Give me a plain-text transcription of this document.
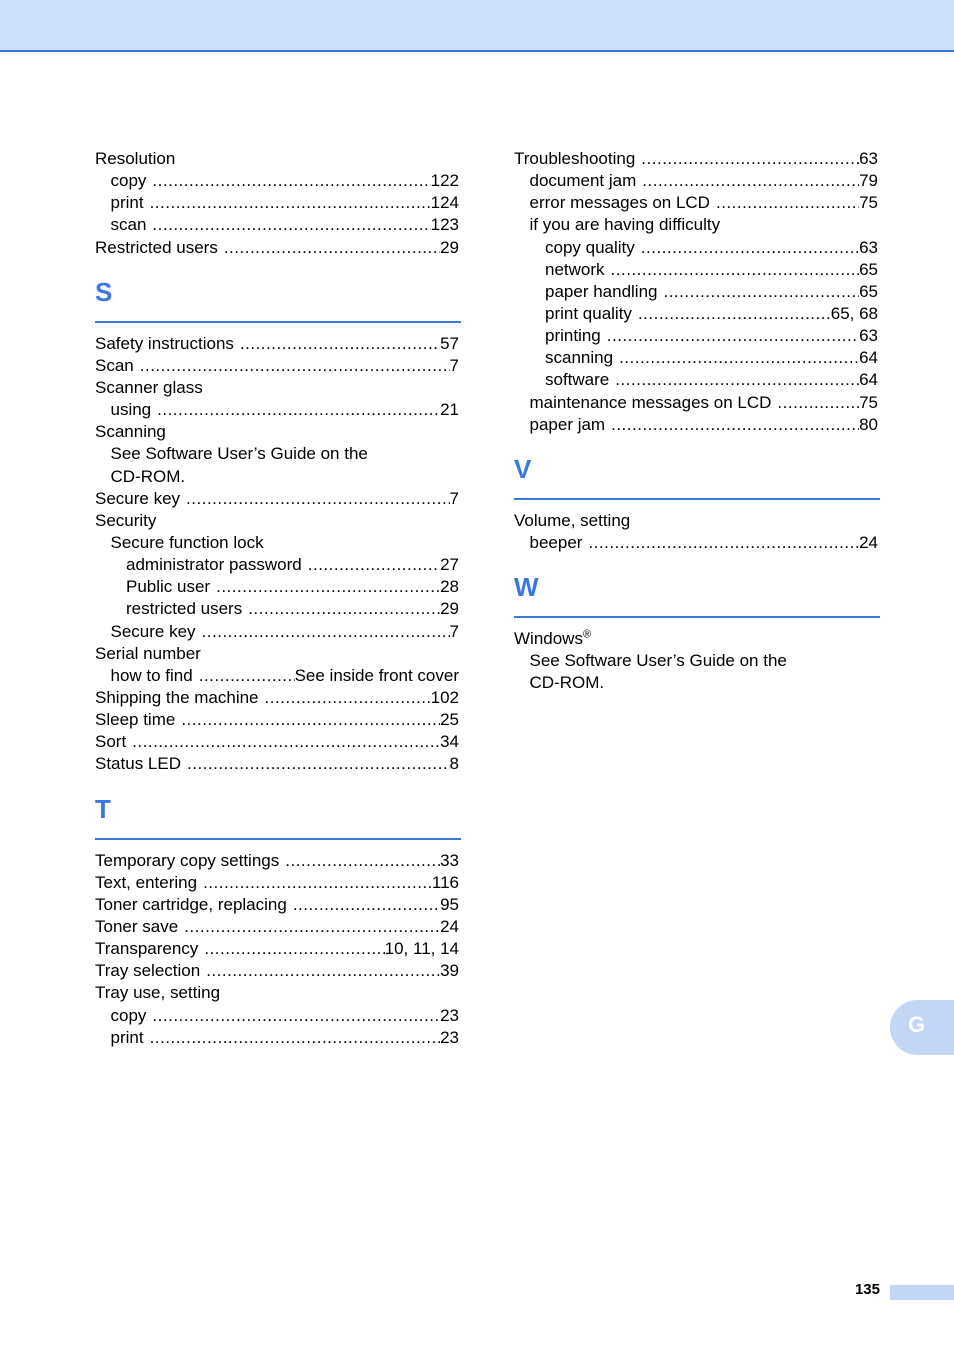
Resolution
copy .....	122
print .....	124
scan .....	123
Restricted users .....	29
S
Safety instructions .....	57
Scan .....	7
Scanner glass
using .....	21
Scanning
See Software User’s Guide on the
CD-ROM.
Secure key .....	7
Security
Secure function lock
administrator password .....	27
Public user .....	28
restricted users .....	29
Secure key .....	7
Serial number
how to find .....	See inside front cover
Shipping the machine .....	102
Sleep time .....	25
Sort .....	34
Status LED .....	8
T
Temporary copy settings .....	33
Text, entering .....	116
Toner cartridge, replacing .....	95
Toner save .....	24
Transparency .....	10, 11, 14
Tray selection .....	39
Tray use, setting
copy .....	23
print .....	23
Troubleshooting .....	63
document jam .....	79
error messages on LCD .....	75
if you are having difficulty
copy quality .....	63
network .....	65
paper handling .....	65
print quality .....	65, 68
printing .....	63
scanning .....	64
software .....	64
maintenance messages on LCD .....	75
paper jam .....	80
V
Volume, setting
beeper .....	24
W
Windows®
See Software User’s Guide on the
CD-ROM.
G
135
